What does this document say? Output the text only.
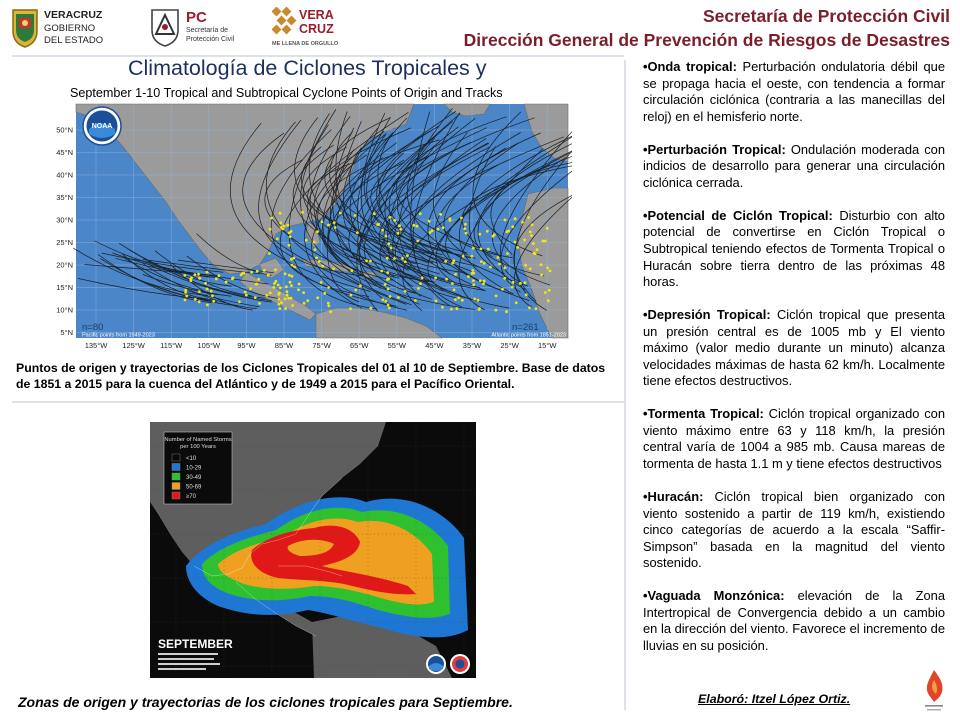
VERACRUZ
GOBIERNO
DEL ESTADO
PC
Secretaría de
Protección Civil
VERA
CRUZ
ME LLENA DE ORGULLO
Secretaría de Protección Civil
Dirección General de Prevención de Riesgos de Desastres
Climatología de Ciclones Tropicales y
September 1-10 Tropical and Subtropical Cyclone Points of Origin and Tracks
50°N
45°N
40°N
35°N
30°N
25°N
20°N
15°N
10°N
5°N
135°W 125°W 115°W 105°W 95°W	85°W	75°W	65°W	55°W	45°W	35°W	25°W	15°W
NOAA
n=80	n=261
Pacific points from 1949-2023	Atlantic points from 1851-2023
Puntos de origen y trayectorias de los Ciclones Tropicales del 01 al 10 de Septiembre. Base de datos de 1851 a 2015 para la cuenca del Atlántico y de 1949 a 2015 para el Pacífico Oriental.
Number of Named Storms
per 100 Years
<10
10-29
30-49
50-69
≥70
SEPTEMBER
Zonas de origen y trayectorias de los ciclones tropicales para Septiembre.

•Onda tropical: Perturbación ondulatoria débil que se propaga hacia el oeste, con tendencia a formar circulación ciclónica (contraria a las manecillas del reloj) en el hemisferio norte.

•Perturbación Tropical: Ondulación moderada con indicios de desarrollo para generar una circulación ciclónica cerrada.

•Potencial de Ciclón Tropical: Disturbio con alto potencial de convertirse en Ciclón Tropical o Subtropical teniendo efectos de Tormenta Tropical o Huracán sobre tierra dentro de las próximas 48 horas.

•Depresión Tropical: Ciclón tropical que presenta un presión central es de 1005 mb y El viento máximo (valor medio durante un minuto) alcanza velocidades máximas de hasta 62 km/h. Localmente tiene efectos destructivos.

•Tormenta Tropical: Ciclón tropical organizado con viento máximo entre 63 y 118 km/h, la presión central varía de 1004 a 985 mb. Causa mareas de tormenta de hasta 1.1 m y tiene efectos destructivos

•Huracán: Ciclón tropical bien organizado con viento sostenido a partir de 119 km/h, existiendo cinco categorías de acuerdo a la escala “Saffir-Simpson” basada en la magnitud del viento sostenido.

•Vaguada Monzónica: elevación de la Zona Intertropical de Convergencia debido a un cambio en la dirección del viento. Favorece el incremento de lluvias en su posición.

Elaboró: Itzel López Ortiz.
